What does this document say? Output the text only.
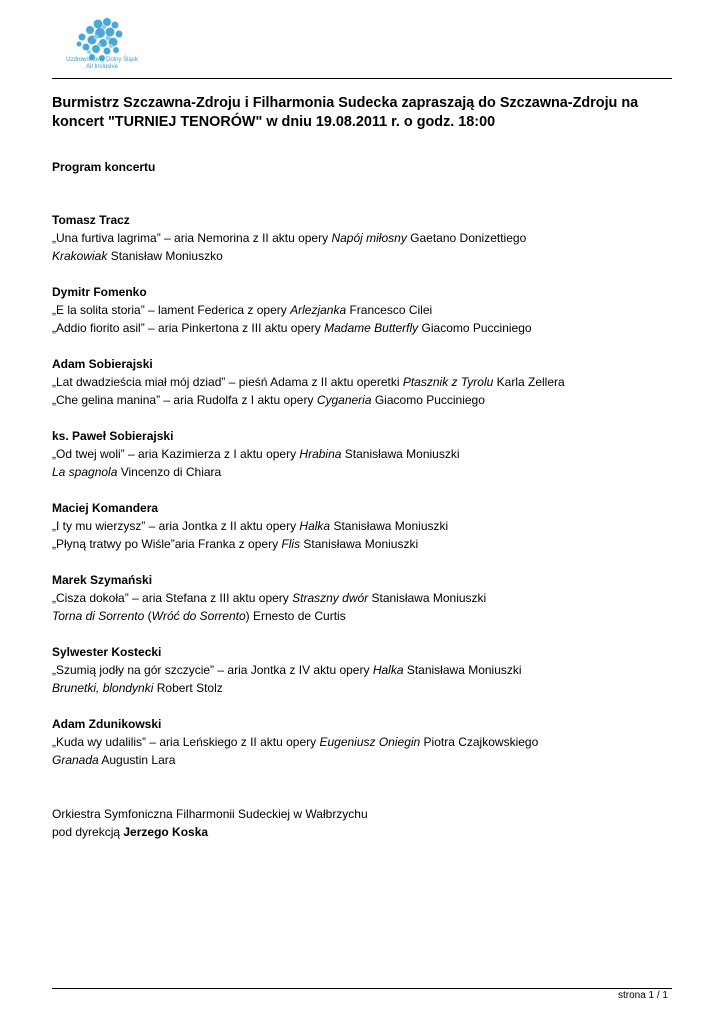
Uzdrowiskowy Dolny Śląsk
All Inclusive
Burmistrz Szczawna-Zdroju i Filharmonia Sudecka zapraszają do Szczawna-Zdroju na koncert "TURNIEJ TENORÓW" w dniu 19.08.2011 r. o godz. 18:00
Program koncertu
Tomasz Tracz
„Una furtiva lagrima” – aria Nemorina z II aktu opery Napój miłosny Gaetano Donizettiego
Krakowiak Stanisław Moniuszko
Dymitr Fomenko
„E la solita storia” – lament Federica z opery Arlezjanka Francesco Cilei
„Addio fiorito asil” – aria Pinkertona z III aktu opery Madame Butterfly Giacomo Pucciniego
Adam Sobierajski
„Lat dwadzieścia miał mój dziad” – pieśń Adama z II aktu operetki Ptasznik z Tyrolu Karla Zellera
„Che gelina manina” – aria Rudolfa z I aktu opery Cyganeria Giacomo Pucciniego
ks. Paweł Sobierajski
„Od twej woli” – aria Kazimierza z I aktu opery Hrabina Stanisława Moniuszki
La spagnola Vincenzo di Chiara
Maciej Komandera
„I ty mu wierzysz” – aria Jontka z II aktu opery Halka Stanisława Moniuszki
„Płyną tratwy po Wiśle”aria Franka z opery Flis Stanisława Moniuszki
Marek Szymański
„Cisza dokoła” – aria Stefana z III aktu opery Straszny dwór Stanisława Moniuszki
Torna di Sorrento (Wróć do Sorrento) Ernesto de Curtis
Sylwester Kostecki
„Szumią jodły na gór szczycie” – aria Jontka z IV aktu opery Halka Stanisława Moniuszki
Brunetki, blondynki Robert Stolz
Adam Zdunikowski
„Kuda wy udalilis” – aria Leńskiego z II aktu opery Eugeniusz Oniegin Piotra Czajkowskiego
Granada Augustin Lara
Orkiestra Symfoniczna Filharmonii Sudeckiej w Wałbrzychu
pod dyrekcją Jerzego Koska
strona 1 / 1
